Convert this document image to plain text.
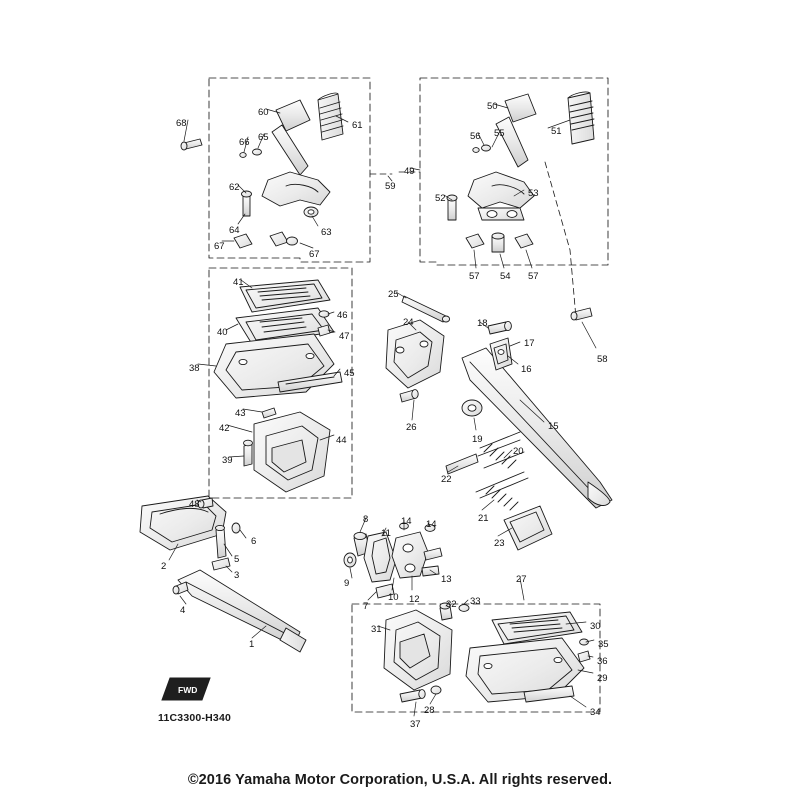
FWD
11C3300-H340
©2016 Yamaha Motor Corporation, U.S.A. All rights reserved.
1
2
3
4
5
6
7
8
9
10
11
12
13
14 14
15
16
17
18
19
20
21
22
23
24
25
26
27
28
29
30
31
32 33
34
35
36
37
38
39
40
41
42
43
44
45
46
47
48
49
50
51
52	53
54
55
56
57	57
58
59
60
61
62
63
64
65
66
67
67
68
